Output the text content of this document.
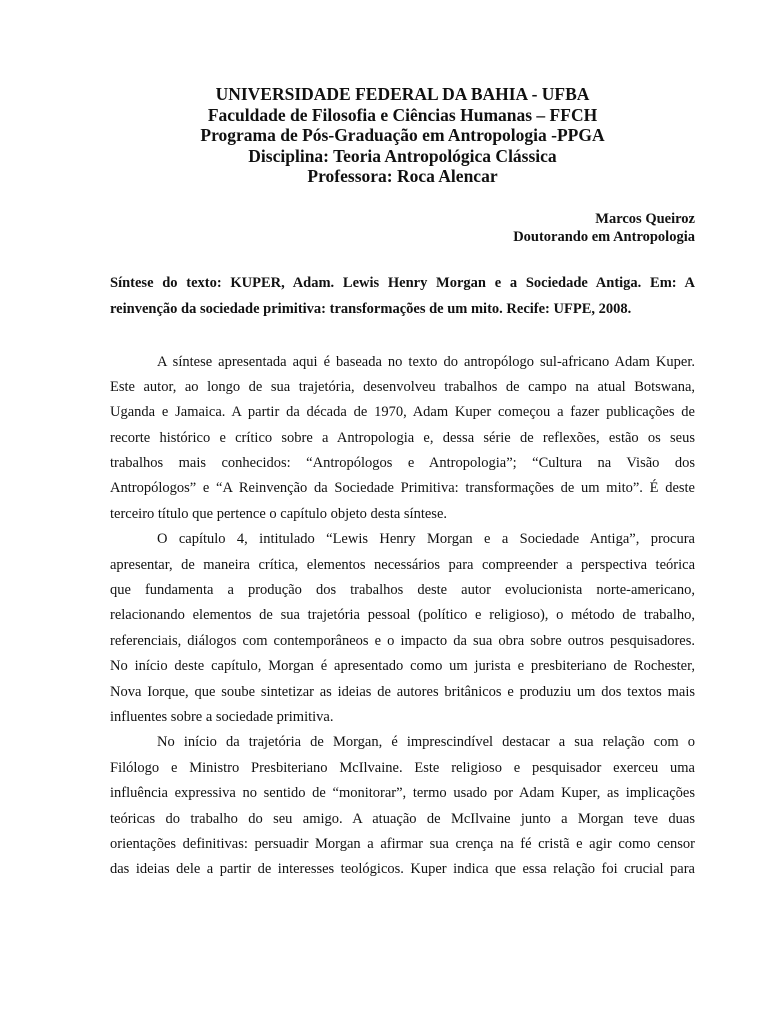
UNIVERSIDADE FEDERAL DA BAHIA - UFBA
Faculdade de Filosofia e Ciências Humanas – FFCH
Programa de Pós-Graduação em Antropologia -PPGA
Disciplina: Teoria Antropológica Clássica
Professora: Roca Alencar
Marcos Queiroz
Doutorando em Antropologia
Síntese do texto: KUPER, Adam. Lewis Henry Morgan e a Sociedade Antiga. Em: A reinvenção da sociedade primitiva: transformações de um mito. Recife: UFPE, 2008.
A síntese apresentada aqui é baseada no texto do antropólogo sul-africano Adam Kuper.
Este autor, ao longo de sua trajetória, desenvolveu trabalhos de campo na atual Botswana,
Uganda e Jamaica. A partir da década de 1970, Adam Kuper começou a fazer publicações de
recorte histórico e crítico sobre a Antropologia e, dessa série de reflexões, estão os seus
trabalhos mais conhecidos: “Antropólogos e Antropologia”; “Cultura na Visão dos
Antropólogos” e “A Reinvenção da Sociedade Primitiva: transformações de um mito”. É deste
terceiro título que pertence o capítulo objeto desta síntese.
O capítulo 4, intitulado “Lewis Henry Morgan e a Sociedade Antiga”, procura
apresentar, de maneira crítica, elementos necessários para compreender a perspectiva teórica
que fundamenta a produção dos trabalhos deste autor evolucionista norte-americano,
relacionando elementos de sua trajetória pessoal (político e religioso), o método de trabalho,
referenciais, diálogos com contemporâneos e o impacto da sua obra sobre outros pesquisadores.
No início deste capítulo, Morgan é apresentado como um jurista e presbiteriano de Rochester,
Nova Iorque, que soube sintetizar as ideias de autores britânicos e produziu um dos textos mais
influentes sobre a sociedade primitiva.
No início da trajetória de Morgan, é imprescindível destacar a sua relação com o
Filólogo e Ministro Presbiteriano McIlvaine. Este religioso e pesquisador exerceu uma
influência expressiva no sentido de “monitorar”, termo usado por Adam Kuper, as implicações
teóricas do trabalho do seu amigo. A atuação de McIlvaine junto a Morgan teve duas
orientações definitivas: persuadir Morgan a afirmar sua crença na fé cristã e agir como censor
das ideias dele a partir de interesses teológicos. Kuper indica que essa relação foi crucial para
